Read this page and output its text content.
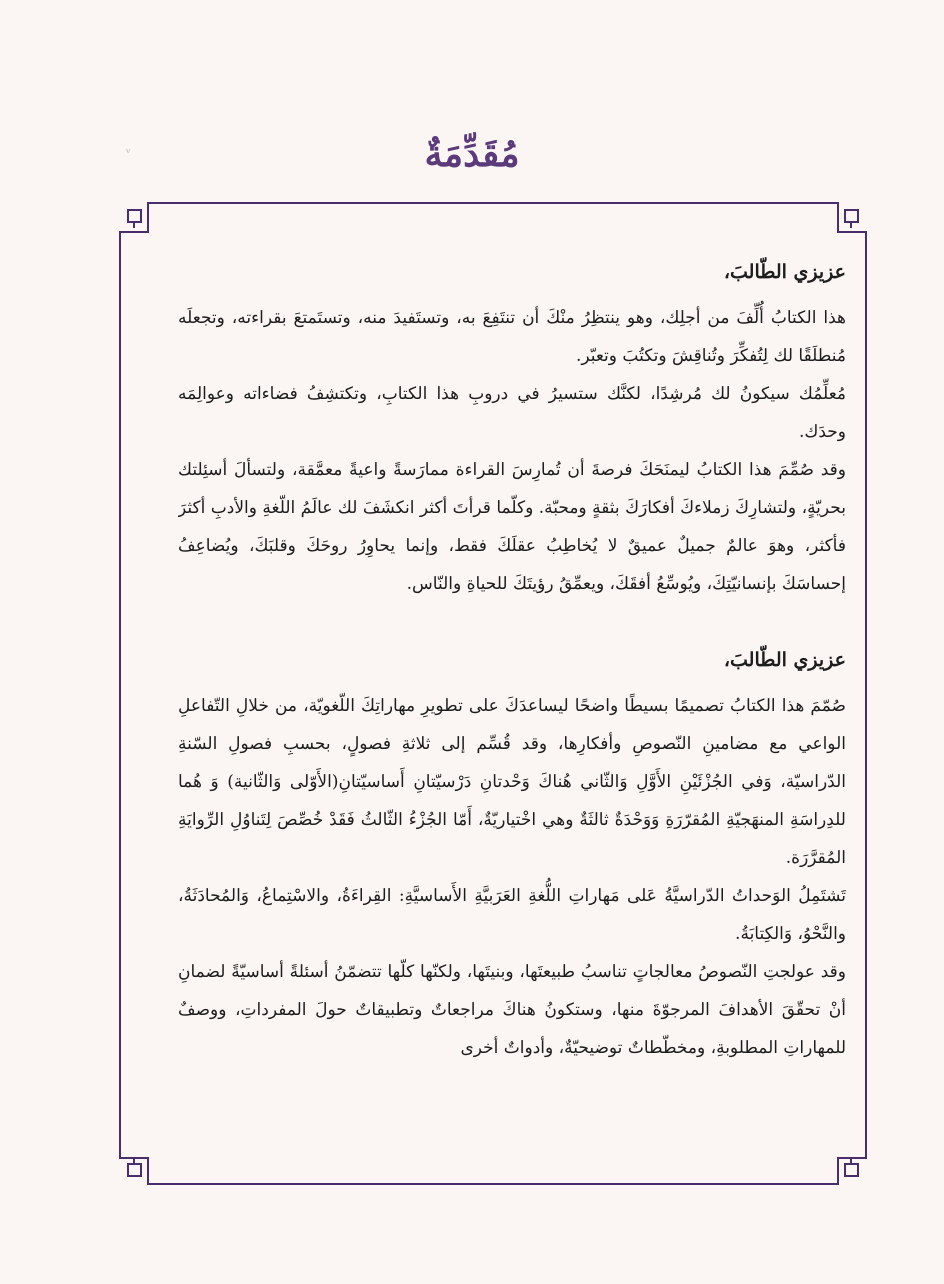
مُقَدِّمَةٌ
ᵛ

عزيزي الطّالبَ،

هذا الكتابُ أُلِّفَ من أجلِك، وهو ينتظِرُ منْكَ أن تنتَفِعَ به، وتستَفيدَ منه، وتستَمتعَ بقراءته، وتجعلَه مُنطلَقًا لك لِتُفكِّرَ وتُناقِشَ وتكتُبَ وتعبّر.

مُعلِّمُك سيكونُ لك مُرشِدًا، لكنَّك ستسيرُ في دروبِ هذا الكتابِ، وتكتشِفُ فضاءاته وعوالِمَه وحدَك.

وقد صُمِّمَ هذا الكتابُ ليمنَحَكَ فرصةَ أن تُمارِسَ القراءة ممارَسةً واعيةً معمَّقة، ولتسألَ أسئِلتك بحريّةٍ، ولتشارِكَ زملاءكَ أفكارَكَ بثقةٍ ومحبّة. وكلّما قرأتَ أكثر انكشَفَ لك عالَمُ اللّغةِ والأدبِ أكثرَ فأكثر، وهوَ عالمٌ جميلٌ عميقٌ لا يُخاطِبُ عقلَكَ فقط، وإنما يحاوِرُ روحَكَ وقلبَكَ، ويُضاعِفُ إحساسَكَ بإنسانيّتِكَ، ويُوسِّعُ أفقَكَ، ويعمِّقُ رؤيتَكَ للحياةِ والنّاس.

عزيزي الطّالبَ،

صُمّمَ هذا الكتابُ تصميمًا بسيطًا واضحًا ليساعدَكَ على تطويرِ مهاراتِكَ اللّغويّة، من خلالِ التّفاعلِ الواعي مع مضامينِ النّصوصِ وأفكارِها، وقد قُسِّم إلى ثلاثةِ فصولٍ، بحسبِ فصولِ السّنةِ الدّراسيّة، وَفي الجُزْئَيْنِ الأَوَّلِ وَالثّاني هُناكَ وَحْدتانِ دَرْسيّتانِ أَساسيّتانِ(الأَوّلى وَالثّانية) وَ هُما للدِراسَةِ المنهَجيّةِ المُقرّرَةِ وَوَحْدَةٌ ثالثَةٌ وهي اخْتياريّةٌ، أَمّا الجُزْءُ الثّالثُ فَقَدْ خُصِّصَ لِتَناوُلِ الرِّوايَةِ المُقرَّرَة.

تَشتَمِلُ الوَحداتُ الدّراسيَّةُ عَلى مَهاراتِ اللُّغةِ العَرَبيَّةِ الأَساسيَّةِ: القِراءَةُ، والاسْتِماعُ، وَالمُحادَثَةُ، والنَّحْوُ، وَالكِتابَةُ.

وقد عولجتِ النّصوصُ معالجاتٍ تناسبُ طبيعتَها، وبنيتَها، ولكنّها كلّها تتضمّنُ أسئلةً أساسيّةً لضمانِ أنْ تحقّقَ الأهدافَ المرجوّةَ منها، وستكونُ هناكَ مراجعاتٌ وتطبيقاتٌ حولَ المفرداتِ، ووصفٌ للمهاراتِ المطلوبةِ، ومخطّطاتٌ توضيحيّةٌ، وأدواتٌ أخرى
